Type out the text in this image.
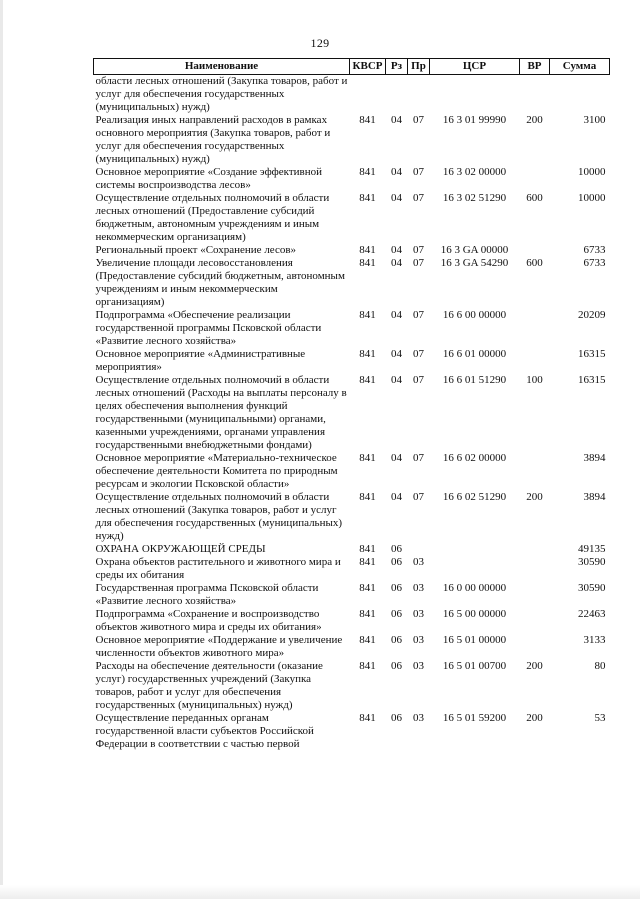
129
Наименование	КВСР	Рз	Пр	ЦСР	ВР	Сумма
области лесных отношений (Закупка товаров, работ и услуг для обеспечения государственных (муниципальных) нужд)						
Реализация иных направлений расходов в рамках основного мероприятия (Закупка товаров, работ и услуг для обеспечения государственных (муниципальных) нужд)	841	04	07	16 3 01 99990	200	3100
Основное мероприятие «Создание эффективной системы воспроизводства лесов»	841	04	07	16 3 02 00000		10000
Осуществление отдельных полномочий в области лесных отношений (Предоставление субсидий бюджетным, автономным учреждениям и иным некоммерческим организациям)	841	04	07	16 3 02 51290	600	10000
Региональный проект «Сохранение лесов»	841	04	07	16 3 GA 00000		6733
Увеличение площади лесовосстановления (Предоставление субсидий бюджетным, автономным учреждениям и иным некоммерческим организациям)	841	04	07	16 3 GA 54290	600	6733
Подпрограмма «Обеспечение реализации государственной программы Псковской области «Развитие лесного хозяйства»	841	04	07	16 6 00 00000		20209
Основное мероприятие «Административные мероприятия»	841	04	07	16 6 01 00000		16315
Осуществление отдельных полномочий в области лесных отношений (Расходы на выплаты персоналу в целях обеспечения выполнения функций государственными (муниципальными) органами, казенными учреждениями, органами управления государственными внебюджетными фондами)	841	04	07	16 6 01 51290	100	16315
Основное мероприятие «Материально-техническое обеспечение деятельности Комитета по природным ресурсам и экологии Псковской области»	841	04	07	16 6 02 00000		3894
Осуществление отдельных полномочий в области лесных отношений (Закупка товаров, работ и услуг для обеспечения государственных (муниципальных) нужд)	841	04	07	16 6 02 51290	200	3894
ОХРАНА ОКРУЖАЮЩЕЙ СРЕДЫ	841	06				49135
Охрана объектов растительного и животного мира и среды их обитания	841	06	03			30590
Государственная программа Псковской области «Развитие лесного хозяйства»	841	06	03	16 0 00 00000		30590
Подпрограмма «Сохранение и воспроизводство объектов животного мира и среды их обитания»	841	06	03	16 5 00 00000		22463
Основное мероприятие «Поддержание и увеличение численности объектов животного мира»	841	06	03	16 5 01 00000		3133
Расходы на обеспечение деятельности (оказание услуг) государственных учреждений (Закупка товаров, работ и услуг для обеспечения государственных (муниципальных) нужд)	841	06	03	16 5 01 00700	200	80
Осуществление переданных органам государственной власти субъектов Российской Федерации в соответствии с частью первой	841	06	03	16 5 01 59200	200	53
